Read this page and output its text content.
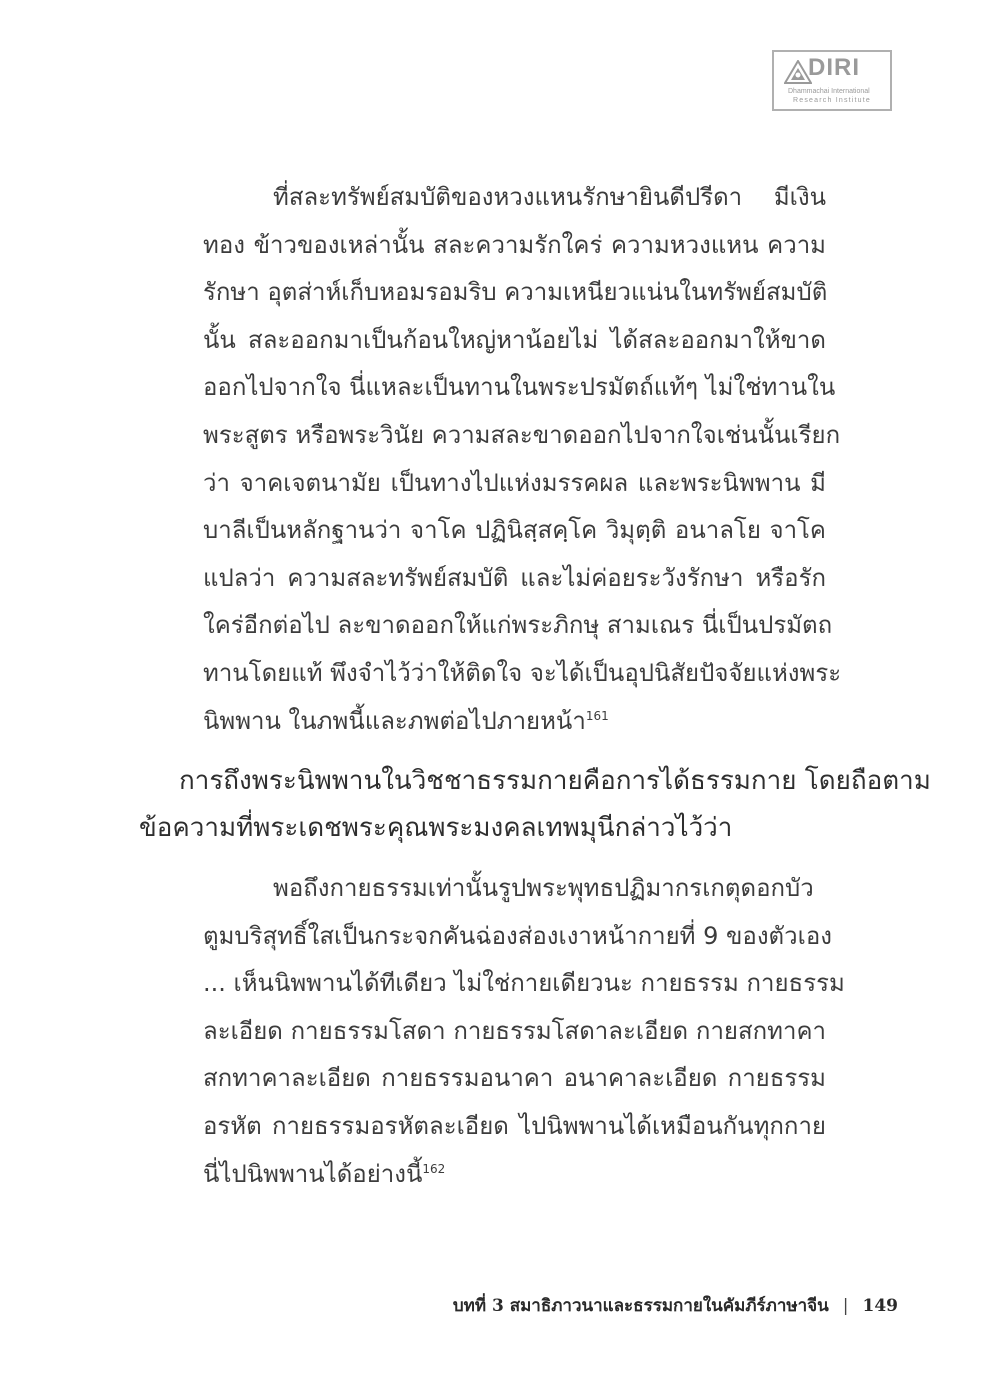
DIRI
Dhammachai International
Research Institute
ที่สละทรัพย์สมบัติของหวงแหนรักษายินดีปรีดา มีเงิน
ทอง ข้าวของเหล่านั้น สละความรักใคร่ ความหวงแหน ความ
รักษา อุตส่าห์เก็บหอมรอมริบ ความเหนียวแน่นในทรัพย์สมบัติ
นั้น สละออกมาเป็นก้อนใหญ่หาน้อยไม่ ได้สละออกมาให้ขาด
ออกไปจากใจ นี่แหละเป็นทานในพระปรมัตถ์แท้ๆ ไม่ใช่ทานใน
พระสูตร หรือพระวินัย ความสละขาดออกไปจากใจเช่นนั้นเรียก
ว่า จาคเจตนามัย เป็นทางไปแห่งมรรคผล และพระนิพพาน มี
บาลีเป็นหลักฐานว่า จาโค ปฏินิสฺสคฺโค วิมุตฺติ อนาลโย จาโค
แปลว่า ความสละทรัพย์สมบัติ และไม่ค่อยระวังรักษา หรือรัก
ใคร่อีกต่อไป ละขาดออกให้แก่พระภิกษุ สามเณร นี่เป็นปรมัตถ
ทานโดยแท้ พึงจำไว้ว่าให้ติดใจ จะได้เป็นอุปนิสัยปัจจัยแห่งพระ
นิพพาน ในภพนี้และภพต่อไปภายหน้า$^{161}$
การถึงพระนิพพานในวิชชาธรรมกายคือการได้ธรรมกาย โดยถือตาม
ข้อความที่พระเดชพระคุณพระมงคลเทพมุนีกล่าวไว้ว่า
พอถึงกายธรรมเท่านั้นรูปพระพุทธปฏิมากรเกตุดอกบัว
ตูมบริสุทธิ์ใสเป็นกระจกคันฉ่องส่องเงาหน้ากายที่ 9 ของตัวเอง
... เห็นนิพพานได้ทีเดียว ไม่ใช่กายเดียวนะ กายธรรม กายธรรม
ละเอียด กายธรรมโสดา กายธรรมโสดาละเอียด กายสกทาคา
สกทาคาละเอียด กายธรรมอนาคา อนาคาละเอียด กายธรรม
อรหัต กายธรรมอรหัตละเอียด ไปนิพพานได้เหมือนกันทุกกาย
นี่ไปนิพพานได้อย่างนี้$^{162}$
บทที่ 3 สมาธิภาวนาและธรรมกายในคัมภีร์ภาษาจีน | 149
